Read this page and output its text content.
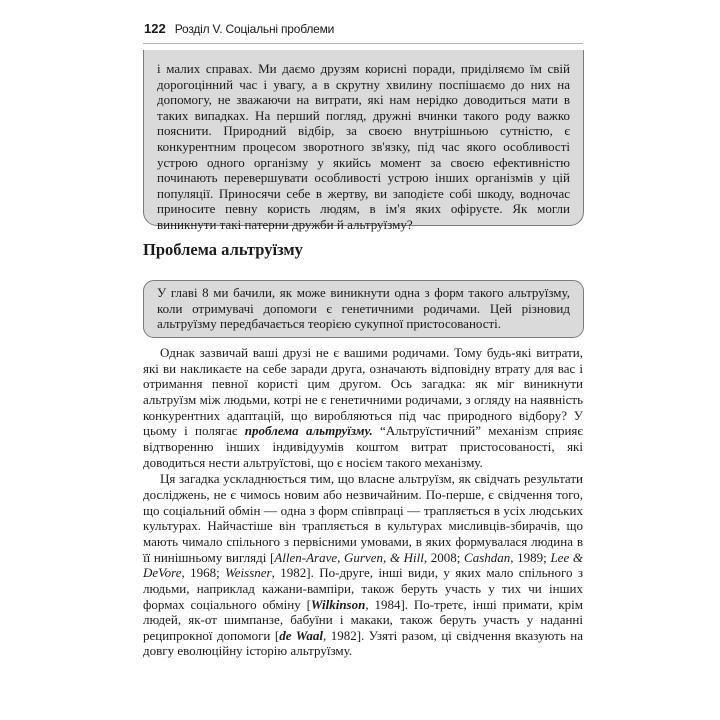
122 Розділ V. Соціальні проблеми

і малих справах. Ми даємо друзям корисні поради, приділяємо їм свій дорогоцінний час і увагу, а в скрутну хвилину поспішаємо до них на допомогу, не зважаючи на витрати, які нам нерідко доводиться мати в таких випадках. На перший погляд, дружні вчинки такого роду важко пояснити. Природний відбір, за своєю внутрішньою сутністю, є конкурентним процесом зворотного зв'язку, під час якого особливості устрою одного організму у якийсь момент за своєю ефективністю починають перевершувати особливості устрою інших організмів у цій популяції. Приносячи себе в жертву, ви заподієте собі шкоду, водночас приносите певну користь людям, в ім'я яких офіруєте. Як могли виникнути такі патерни дружби й альтруїзму?

Проблема альтруїзму

У главі 8 ми бачили, як може виникнути одна з форм такого альтруїзму, коли отримувачі допомоги є генетичними родичами. Цей різновид альтруїзму передбачається теорією сукупної пристосованості.

Однак зазвичай ваші друзі не є вашими родичами. Тому будь-які витрати, які ви накликаєте на себе заради друга, означають відповідну втрату для вас і отримання певної користі цим другом. Ось загадка: як міг виникнути альтруїзм між людьми, котрі не є генетичними родичами, з огляду на наявність конкурентних адаптацій, що виробляються під час природного відбору? У цьому і полягає проблема альтруїзму. “Альтруїстичний” механізм сприяє відтворенню інших індивідуумів коштом витрат пристосованості, які доводиться нести альтруїстові, що є носієм такого механізму.

Ця загадка ускладнюється тим, що власне альтруїзм, як свідчать результати досліджень, не є чимось новим або незвичайним. По-перше, є свідчення того, що соціальний обмін — одна з форм співпраці — трапляється в усіх людських культурах. Найчастіше він трапляється в культурах мисливців-збирачів, що мають чимало спільного з первісними умовами, в яких формувалася людина в її нинішньому вигляді [Allen-Arave, Gurven, & Hill, 2008; Cashdan, 1989; Lee & DeVore, 1968; Weissner, 1982]. По-друге, інші види, у яких мало спільного з людьми, наприклад кажани-вампіри, також беруть участь у тих чи інших формах соціального обміну [Wilkinson, 1984]. По-третє, інші примати, крім людей, як-от шимпанзе, бабуїни і макаки, також беруть участь у наданні реципрокної допомоги [de Waal, 1982]. Узяті разом, ці свідчення вказують на довгу еволюційну історію альтруїзму.
